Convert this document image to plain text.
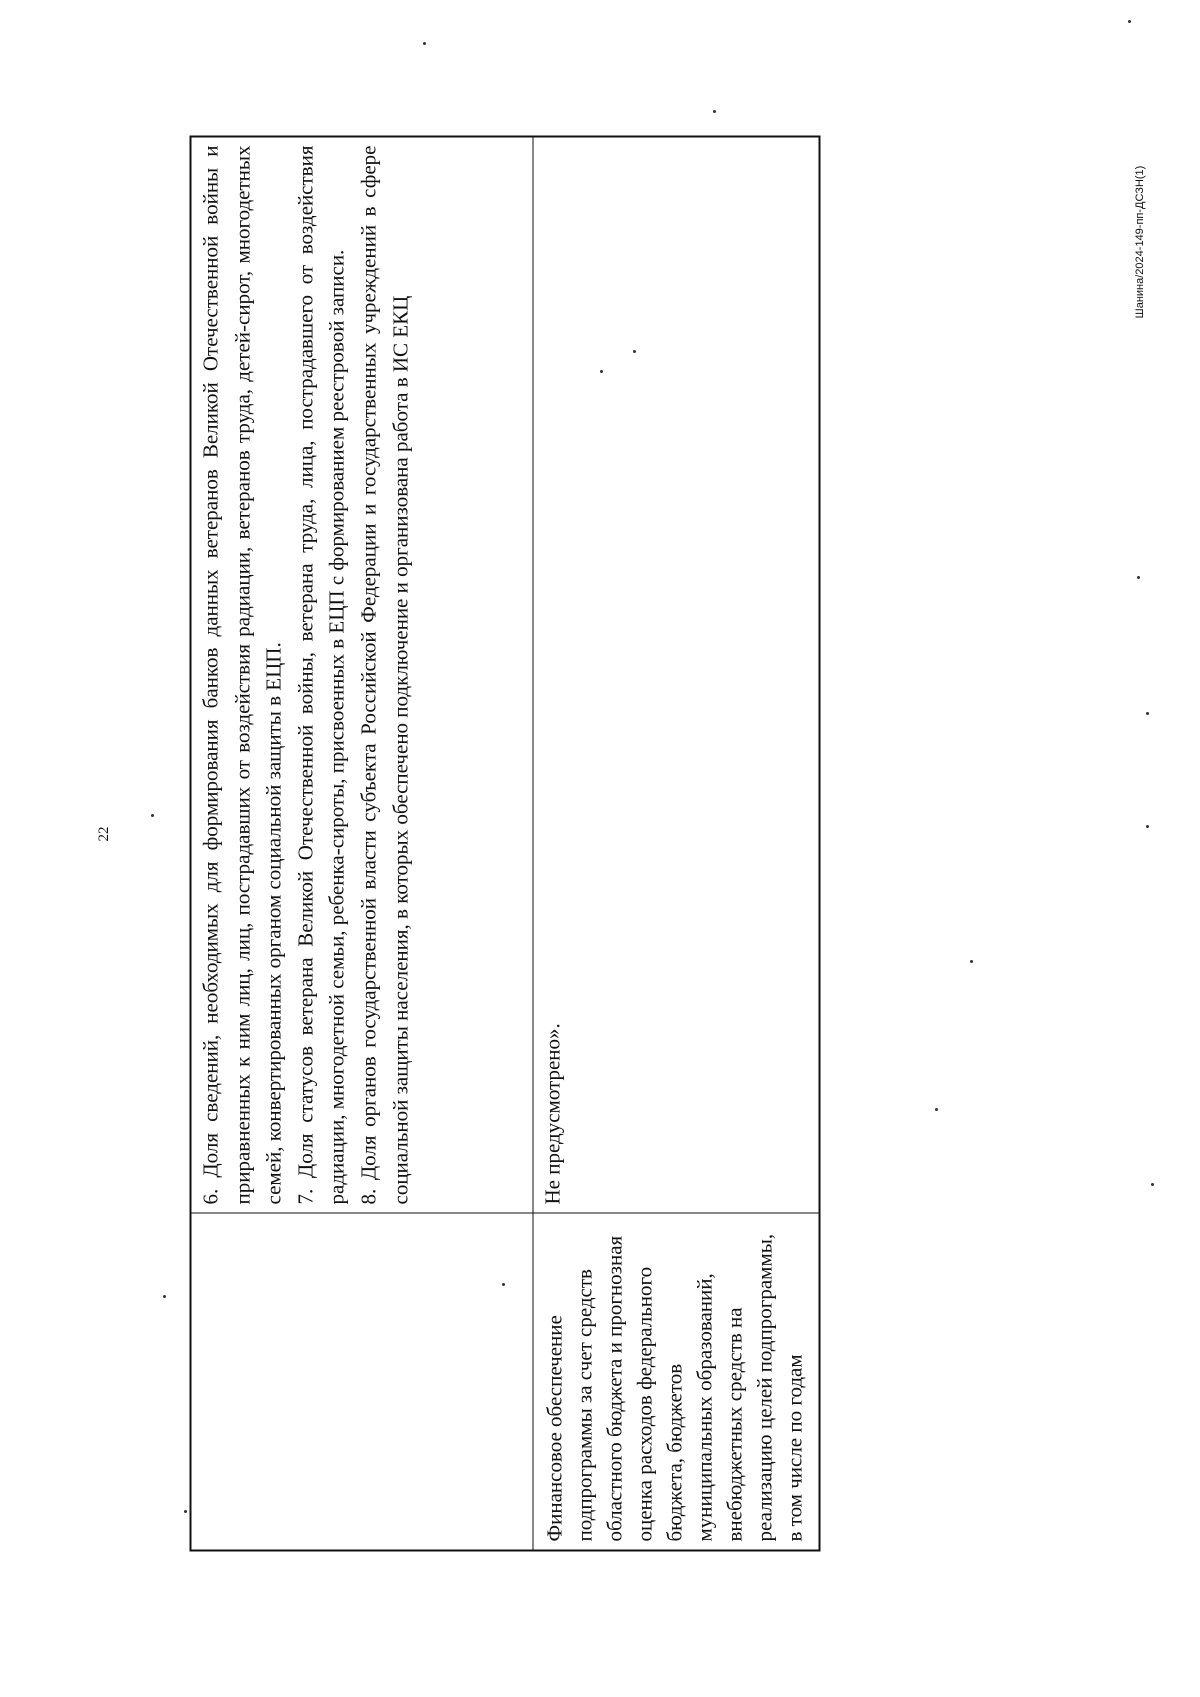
22
Шанина/2024-149-пп-ДСЗН(1)

6. Доля сведений, необходимых для формирования банков данных ветеранов Великой Отечественной войны и приравненных к ним лиц, лиц, пострадавших от воздействия радиации, ветеранов труда, детей-сирот, многодетных семей, конвертированных органом социальной защиты в ЕЦП. 7. Доля статусов ветерана Великой Отечественной войны, ветерана труда, лица, пострадавшего от воздействия радиации, многодетной семьи, ребенка-сироты, присвоенных в ЕЦП с формированием реестровой записи. 8. Доля органов государственной власти субъекта Российской Федерации и государственных учреждений в сфере социальной защиты населения, в которых обеспечено подключение и организована работа в ИС ЕКЦ

Финансовое обеспечение подпрограммы за счет средств областного бюджета и прогнозная оценка расходов федерального бюджета, бюджетов муниципальных образований, внебюджетных средств на реализацию целей подпрограммы, в том числе по годам

Не предусмотрено».
